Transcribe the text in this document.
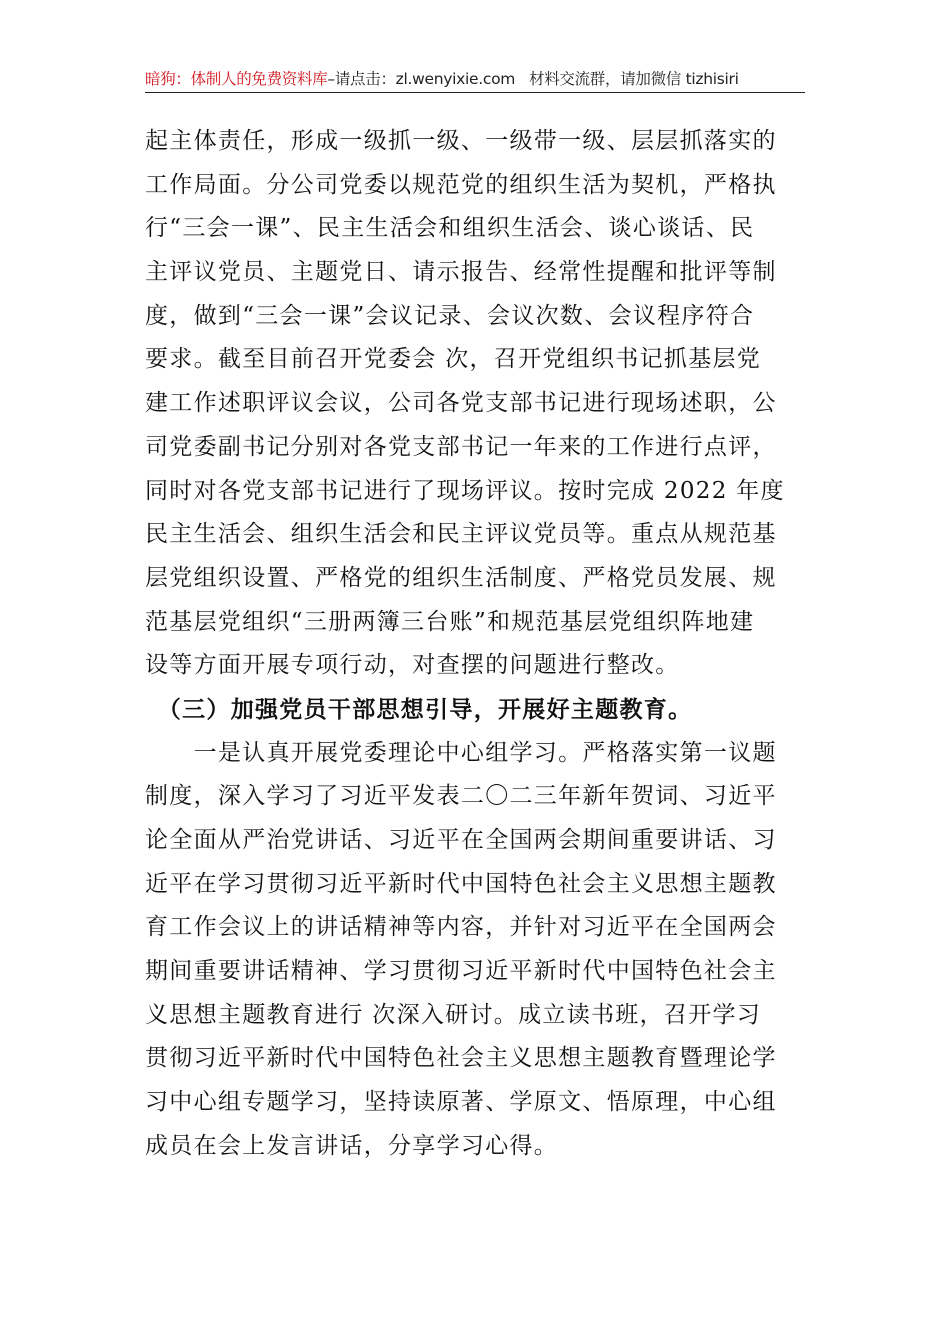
暗狗：体制人的免费资料库–请点击：zl.wenyixie.com 材料交流群，请加微信 tizhisiri
起主体责任，形成一级抓一级、一级带一级、层层抓落实的
工作局面。分公司党委以规范党的组织生活为契机，严格执
行“三会一课”、民主生活会和组织生活会、谈心谈话、民
主评议党员、主题党日、请示报告、经常性提醒和批评等制
度，做到“三会一课”会议记录、会议次数、会议程序符合
要求。截至目前召开党委会 次，召开党组织书记抓基层党
建工作述职评议会议，公司各党支部书记进行现场述职，公
司党委副书记分别对各党支部书记一年来的工作进行点评，
同时对各党支部书记进行了现场评议。按时完成 2022 年度
民主生活会、组织生活会和民主评议党员等。重点从规范基
层党组织设置、严格党的组织生活制度、严格党员发展、规
范基层党组织“三册两簿三台账”和规范基层党组织阵地建
设等方面开展专项行动，对查摆的问题进行整改。
　（三）加强党员干部思想引导，开展好主题教育。
　　一是认真开展党委理论中心组学习。严格落实第一议题
制度，深入学习了习近平发表二〇二三年新年贺词、习近平
论全面从严治党讲话、习近平在全国两会期间重要讲话、习
近平在学习贯彻习近平新时代中国特色社会主义思想主题教
育工作会议上的讲话精神等内容，并针对习近平在全国两会
期间重要讲话精神、学习贯彻习近平新时代中国特色社会主
义思想主题教育进行 次深入研讨。成立读书班，召开学习
贯彻习近平新时代中国特色社会主义思想主题教育暨理论学
习中心组专题学习，坚持读原著、学原文、悟原理，中心组
成员在会上发言讲话，分享学习心得。
